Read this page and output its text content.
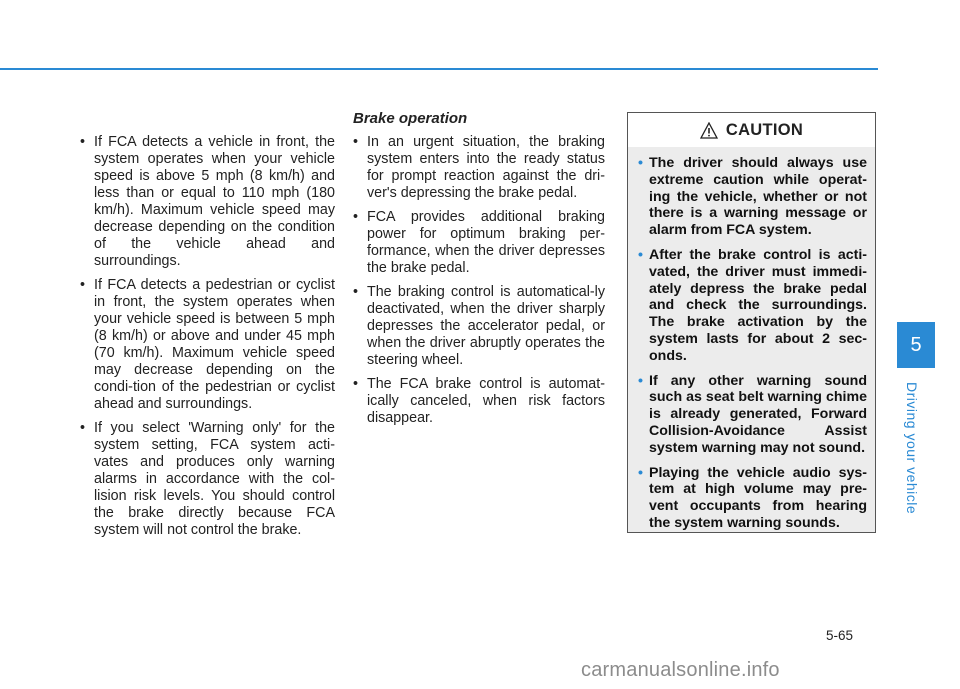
• If FCA detects a vehicle in front, the system operates when your vehicle speed is above 5 mph (8 km/h) and less than or equal to 110 mph (180 km/h). Maximum vehicle speed may decrease depending on the condition of the vehicle ahead and surroundings.
• If FCA detects a pedestrian or cyclist in front, the system operates when your vehicle speed is between 5 mph (8 km/h) or above and under 45 mph (70 km/h). Maximum vehicle speed may decrease depending on the condi-tion of the pedestrian or cyclist ahead and surroundings.
• If you select 'Warning only' for the system setting, FCA system acti-vates and produces only warning alarms in accordance with the col-lision risk levels. You should control the brake directly because FCA system will not control the brake.
Brake operation
• In an urgent situation, the braking system enters into the ready status for prompt reaction against the dri-ver's depressing the brake pedal.
• FCA provides additional braking power for optimum braking per-formance, when the driver depresses the brake pedal.
• The braking control is automatical-ly deactivated, when the driver sharply depresses the accelerator pedal, or when the driver abruptly operates the steering wheel.
• The FCA brake control is automat-ically canceled, when risk factors disappear.
CAUTION
• The driver should always use extreme caution while operat-ing the vehicle, whether or not there is a warning message or alarm from FCA system.
• After the brake control is acti-vated, the driver must immedi-ately depress the brake pedal and check the surroundings. The brake activation by the system lasts for about 2 sec-onds.
• If any other warning sound such as seat belt warning chime is already generated, Forward Collision-Avoidance Assist system warning may not sound.
• Playing the vehicle audio sys-tem at high volume may pre-vent occupants from hearing the system warning sounds.
5
Driving your vehicle
5-65
carmanualsonline.info
